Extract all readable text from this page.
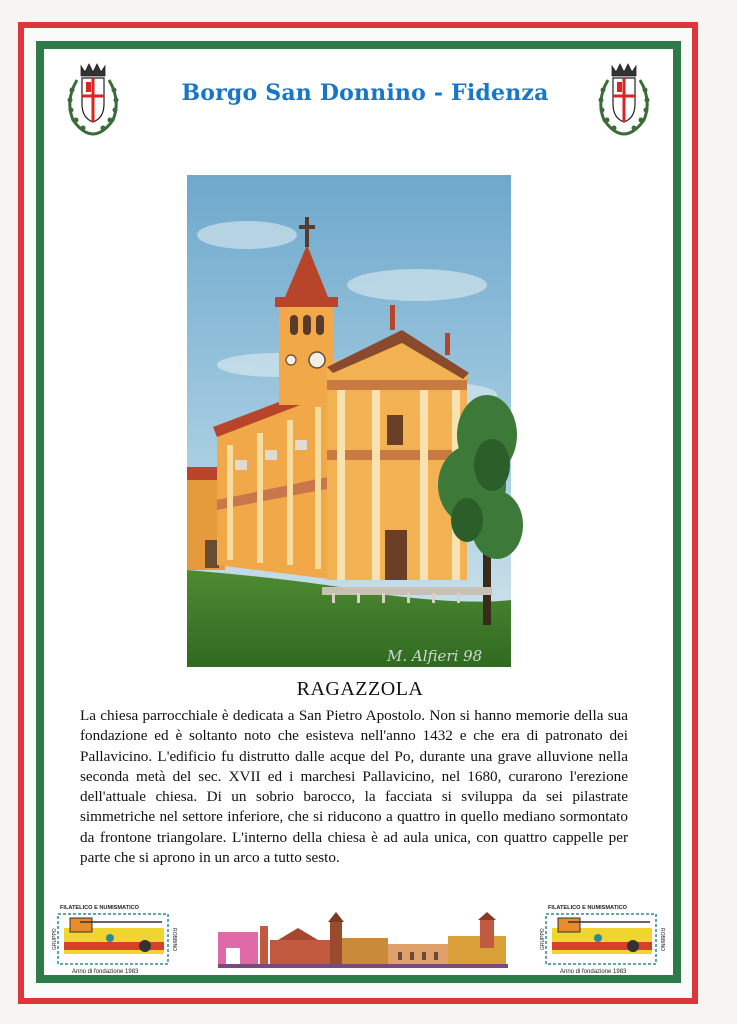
Borgo San Donnino - Fidenza
M. Alfieri 98
RAGAZZOLA
La chiesa parrocchiale è dedicata a San Pietro Apostolo. Non si hanno memorie della sua fondazione ed è soltanto noto che esisteva nell'anno 1432 e che era di patronato dei Pallavicino. L'edificio fu distrutto dalle acque del Po, durante una grave alluvione nella seconda metà del sec. XVII ed i marchesi Pallavicino, nel 1680, curarono l'erezione dell'attuale chiesa. Di un sobrio barocco, la facciata si sviluppa da sei pilastrate simmetriche nel settore inferiore, che si riducono a quattro in quello mediano sormontato da frontone triangolare. L'interno della chiesa è ad aula unica, con quattro cappelle per parte che si aprono in un arco a tutto sesto.
FILATELICO E NUMISMATICO
GRUPPO	ROBBINO
Anno di fondazione 1983
FILATELICO E NUMISMATICO
GRUPPO	ROBBINO
Anno di fondazione 1983
